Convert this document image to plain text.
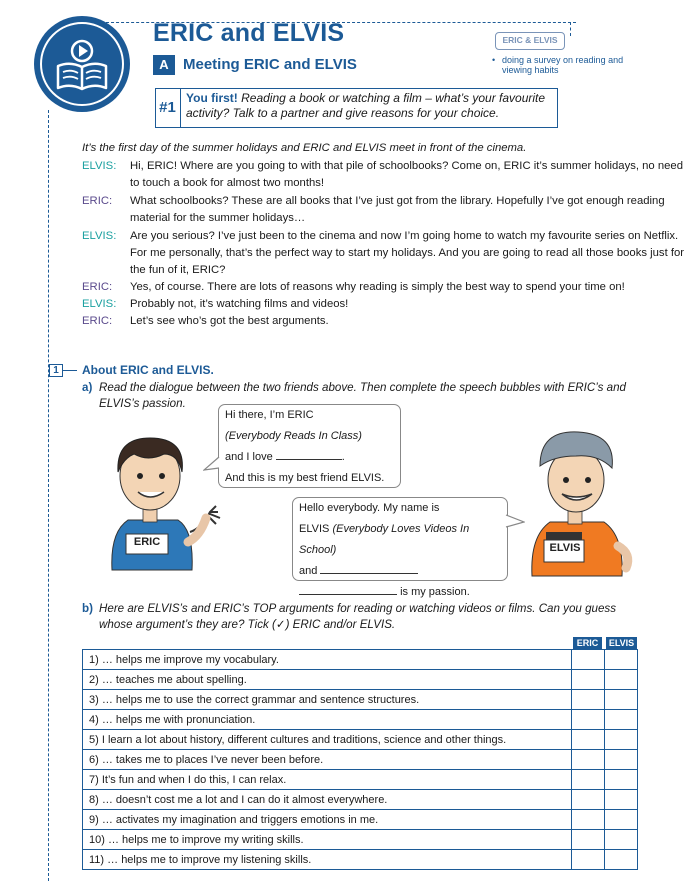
ERIC and ELVIS
A Meeting ERIC and ELVIS
ERIC & ELVIS
• doing a survey on reading and viewing habits
#1
You first! Reading a book or watching a film – what’s your favourite activity? Talk to a partner and give reasons for your choice.
It’s the first day of the summer holidays and ERIC and ELVIS meet in front of the cinema.
ELVIS:	Hi, ERIC! Where are you going to with that pile of schoolbooks? Come on, ERIC it’s summer holidays, no need to touch a book for almost two months!
ERIC:	What schoolbooks? These are all books that I’ve just got from the library. Hopefully I’ve got enough reading material for the summer holidays…
ELVIS:	Are you serious? I’ve just been to the cinema and now I’m going home to watch my favourite series on Netflix. For me personally, that’s the perfect way to start my holidays. And you are going to read all those books just for the fun of it, ERIC?
ERIC:	Yes, of course. There are lots of reasons why reading is simply the best way to spend your time on!
ELVIS:	Probably not, it’s watching films and videos!
ERIC:	Let’s see who’s got the best arguments.
1	About ERIC and ELVIS.
a) Read the dialogue between the two friends above. Then complete the speech bubbles with ERIC’s and ELVIS’s passion.
ERIC
Hi there, I’m ERIC
(Everybody Reads In Class)
and I love	.
And this is my best friend ELVIS.
Hello everybody. My name is
ELVIS (Everybody Loves Videos In School)
and
is my passion.
ELVIS
b) Here are ELVIS’s and ERIC’s TOP arguments for reading or watching videos or films. Can you guess whose argument’s they are? Tick (✓) ERIC and/or ELVIS.
ERIC	ELVIS
1) … helps me improve my vocabulary.		
2) … teaches me about spelling.		
3) … helps me to use the correct grammar and sentence structures.		
4) … helps me with pronunciation.		
5) I learn a lot about history, different cultures and traditions, science and other things.		
6) … takes me to places I’ve never been before.		
7) It’s fun and when I do this, I can relax.		
8) … doesn’t cost me a lot and I can do it almost everywhere.		
9) … activates my imagination and triggers emotions in me.		
10) … helps me to improve my writing skills.		
11) … helps me to improve my listening skills.		
